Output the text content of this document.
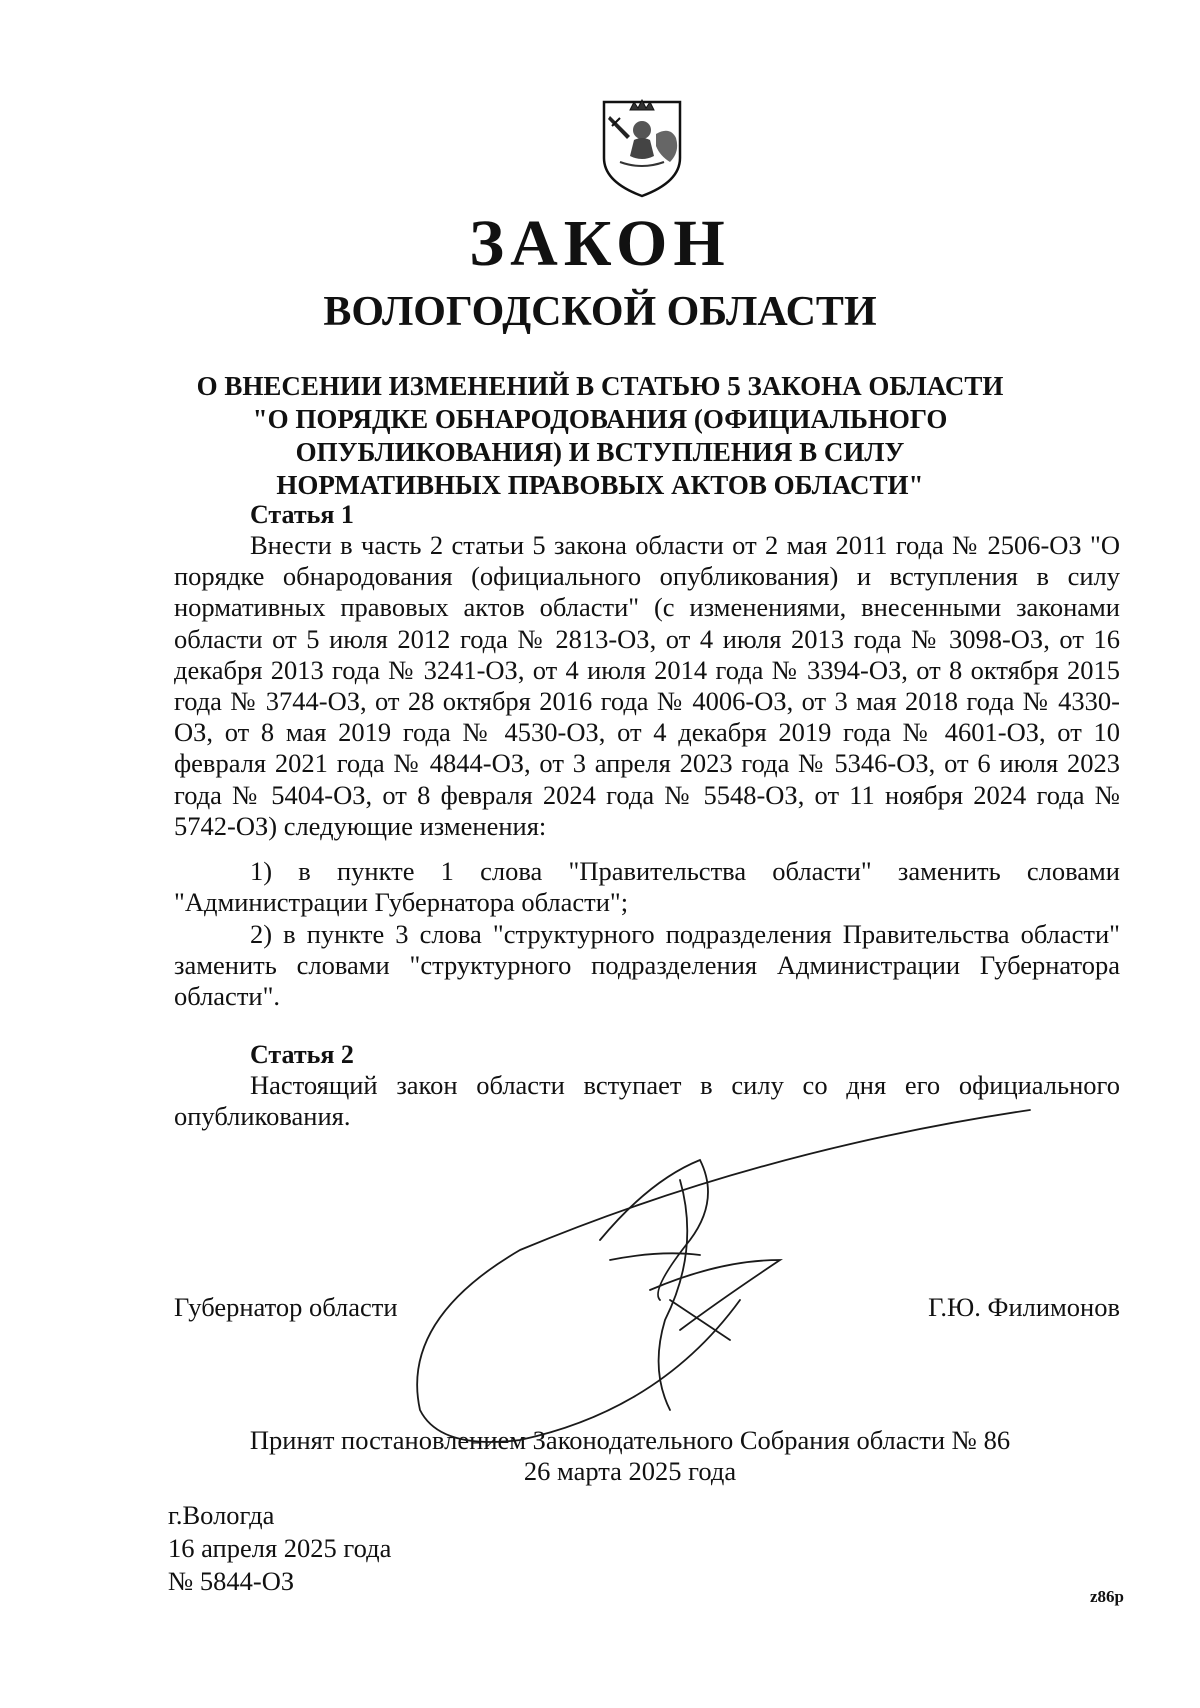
ЗАКОН
ВОЛОГОДСКОЙ ОБЛАСТИ
О ВНЕСЕНИИ ИЗМЕНЕНИЙ В СТАТЬЮ 5 ЗАКОНА ОБЛАСТИ
"О ПОРЯДКЕ ОБНАРОДОВАНИЯ (ОФИЦИАЛЬНОГО
ОПУБЛИКОВАНИЯ) И ВСТУПЛЕНИЯ В СИЛУ
НОРМАТИВНЫХ ПРАВОВЫХ АКТОВ ОБЛАСТИ"
Статья 1
Внести в часть 2 статьи 5 закона области от 2 мая 2011 года № 2506-ОЗ "О порядке обнародования (официального опубликования) и вступления в силу нормативных правовых актов области" (с изменениями, внесенными законами области от 5 июля 2012 года № 2813-ОЗ, от 4 июля 2013 года № 3098-ОЗ, от 16 декабря 2013 года № 3241-ОЗ, от 4 июля 2014 года № 3394-ОЗ, от 8 октября 2015 года № 3744-ОЗ, от 28 октября 2016 года № 4006-ОЗ, от 3 мая 2018 года № 4330-ОЗ, от 8 мая 2019 года № 4530-ОЗ, от 4 декабря 2019 года № 4601-ОЗ, от 10 февраля 2021 года № 4844-ОЗ, от 3 апреля 2023 года № 5346-ОЗ, от 6 июля 2023 года № 5404-ОЗ, от 8 февраля 2024 года № 5548-ОЗ, от 11 ноября 2024 года № 5742-ОЗ) следующие изменения:
1) в пункте 1 слова "Правительства области" заменить словами "Администрации Губернатора области";
2) в пункте 3 слова "структурного подразделения Правительства области" заменить словами "структурного подразделения Администрации Губернатора области".
Статья 2
Настоящий закон области вступает в силу со дня его официального опубликования.
Губернатор области	Г.Ю. Филимонов
Принят постановлением Законодательного Собрания области № 86
26 марта 2025 года
г.Вологда
16 апреля 2025 года
№ 5844-ОЗ
z86p
